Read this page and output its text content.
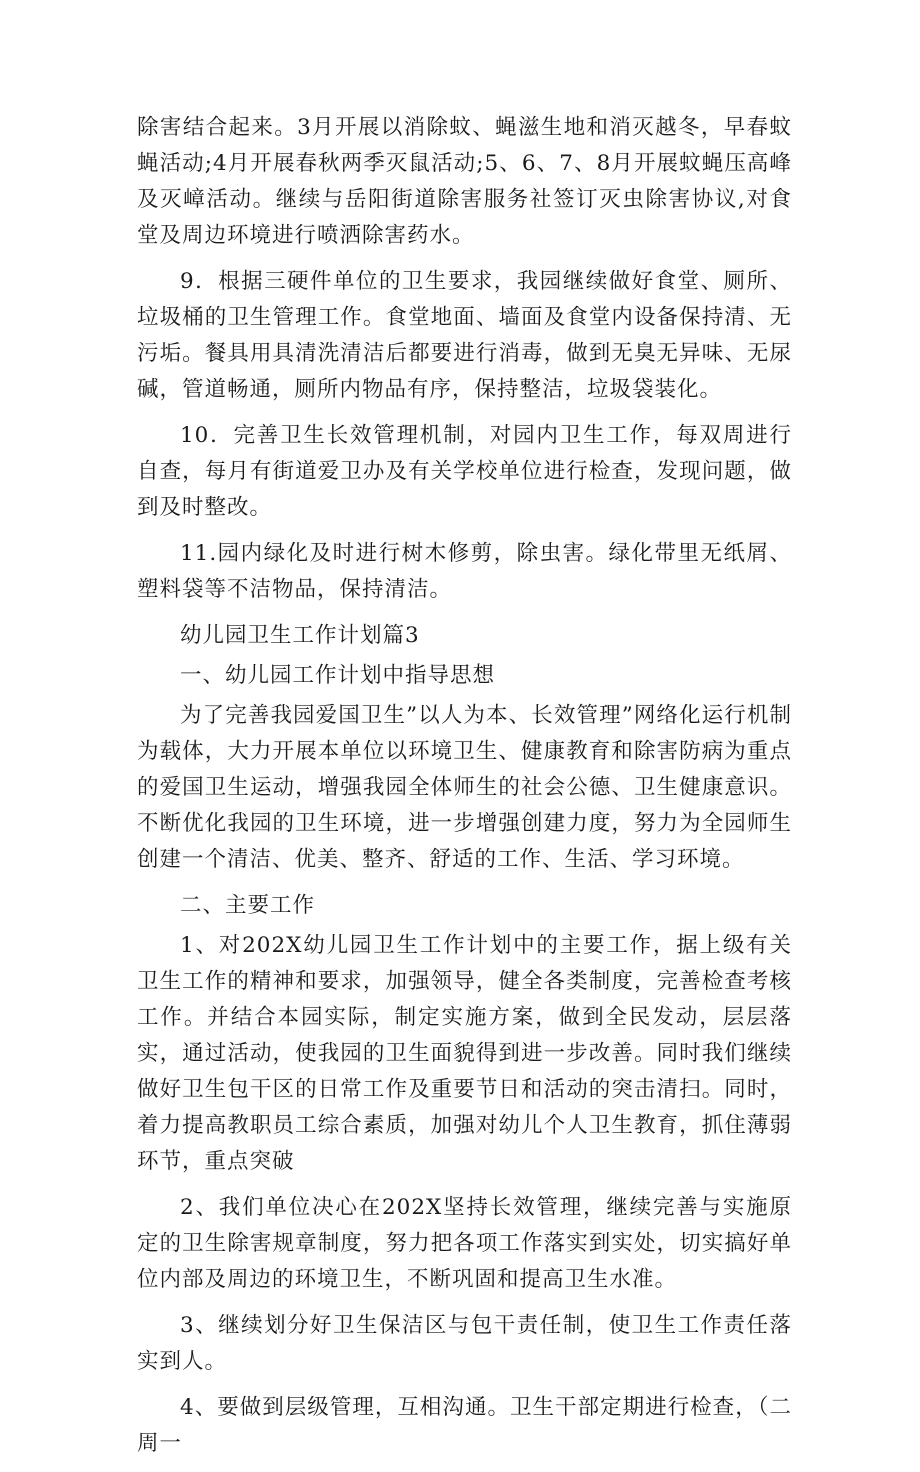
除害结合起来。3月开展以消除蚊、蝇滋生地和消灭越冬，早春蚊蝇活动;4月开展春秋两季灭鼠活动;5、6、7、8月开展蚊蝇压高峰及灭嶂活动。继续与岳阳街道除害服务社签订灭虫除害协议,对食堂及周边环境进行喷洒除害药水。

9．根据三硬件单位的卫生要求，我园继续做好食堂、厕所、垃圾桶的卫生管理工作。食堂地面、墙面及食堂内设备保持清、无污垢。餐具用具清洗清洁后都要进行消毒，做到无臭无异味、无尿碱，管道畅通，厕所内物品有序，保持整洁，垃圾袋装化。

10．完善卫生长效管理机制，对园内卫生工作，每双周进行自查，每月有街道爱卫办及有关学校单位进行检查，发现问题，做到及时整改。

11.园内绿化及时进行树木修剪，除虫害。绿化带里无纸屑、塑料袋等不洁物品，保持清洁。

幼儿园卫生工作计划篇3

一、幼儿园工作计划中指导思想

为了完善我园爱国卫生”以人为本、长效管理”网络化运行机制为载体，大力开展本单位以环境卫生、健康教育和除害防病为重点的爱国卫生运动，增强我园全体师生的社会公德、卫生健康意识。不断优化我园的卫生环境，进一步增强创建力度，努力为全园师生创建一个清洁、优美、整齐、舒适的工作、生活、学习环境。

二、主要工作

1、对202X幼儿园卫生工作计划中的主要工作，据上级有关卫生工作的精神和要求，加强领导，健全各类制度，完善检查考核工作。并结合本园实际，制定实施方案，做到全民发动，层层落实，通过活动，使我园的卫生面貌得到进一步改善。同时我们继续做好卫生包干区的日常工作及重要节日和活动的突击清扫。同时，着力提高教职员工综合素质，加强对幼儿个人卫生教育，抓住薄弱环节，重点突破

2、我们单位决心在202X坚持长效管理，继续完善与实施原定的卫生除害规章制度，努力把各项工作落实到实处，切实搞好单位内部及周边的环境卫生，不断巩固和提高卫生水准。

3、继续划分好卫生保洁区与包干责任制，使卫生工作责任落实到人。

4、要做到层级管理，互相沟通。卫生干部定期进行检查，（二周一
